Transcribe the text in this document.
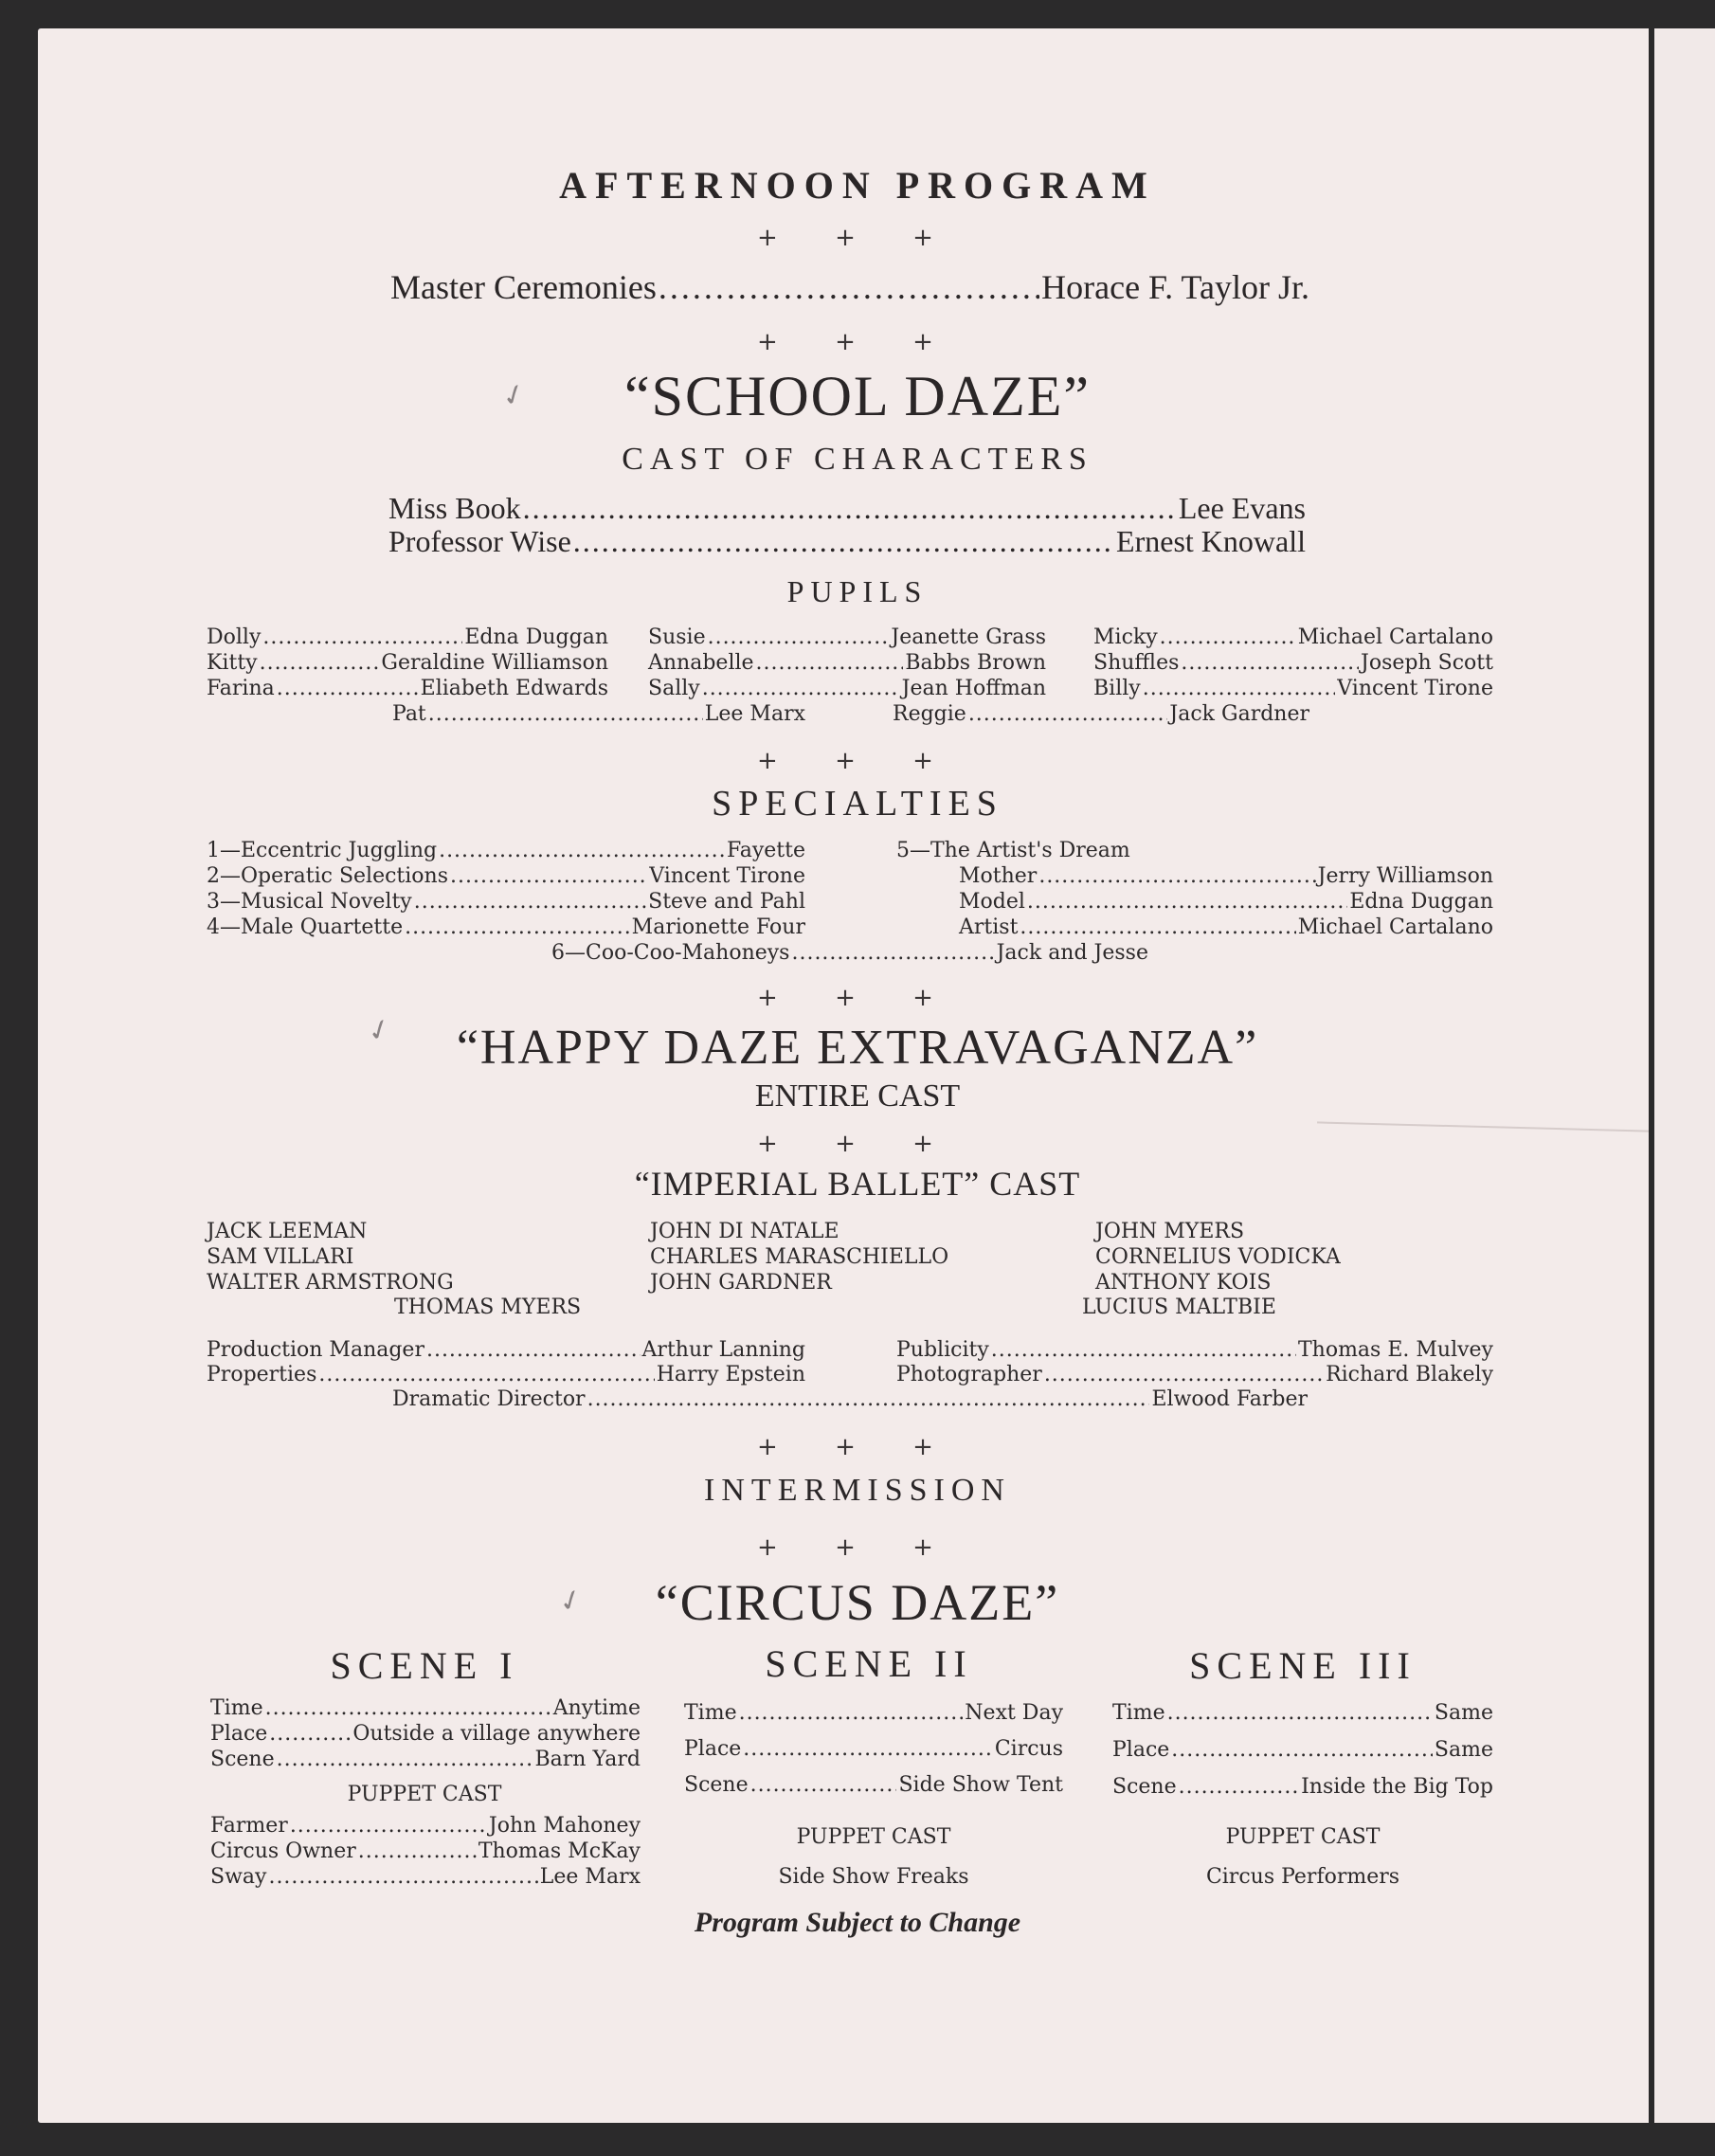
AFTERNOON PROGRAM
+ + +
Master Ceremonies . . .	Horace F. Taylor Jr.
+ + +
✓	“SCHOOL DAZE”
CAST OF CHARACTERS
Miss Book . . .	Lee Evans
Professor Wise . . .	Ernest Knowall
PUPILS
Dolly . . .	Edna Duggan
Kitty . . .	Geraldine Williamson
Farina . . .	Eliabeth Edwards
Susie . . .	Jeanette Grass
Annabelle . . .	Babbs Brown
Sally . . .	Jean Hoffman
Micky . . .	Michael Cartalano
Shuffles . . .	Joseph Scott
Billy . . .	Vincent Tirone
Pat . . .	Lee Marx	Reggie . . .	Jack Gardner
+ + +
SPECIALTIES
1—Eccentric Juggling . . .	Fayette
2—Operatic Selections . . .	Vincent Tirone
3—Musical Novelty . . .	Steve and Pahl
4—Male Quartette . . .	Marionette Four
5—The Artist's Dream
Mother . . .	Jerry Williamson
Model . . .	Edna Duggan
Artist . . .	Michael Cartalano
6—Coo-Coo-Mahoneys . . .	Jack and Jesse
+ + +
✓	“HAPPY DAZE EXTRAVAGANZA”
ENTIRE CAST
+ + +
“IMPERIAL BALLET” CAST
JACK LEEMAN
SAM VILLARI
WALTER ARMSTRONG
JOHN DI NATALE
CHARLES MARASCHIELLO
JOHN GARDNER
JOHN MYERS
CORNELIUS VODICKA
ANTHONY KOIS
THOMAS MYERS	LUCIUS MALTBIE
Production Manager . . .	Arthur Lanning
Properties . . .	Harry Epstein
Publicity . . .	Thomas E. Mulvey
Photographer . . .	Richard Blakely
Dramatic Director . . .	Elwood Farber
+ + +
INTERMISSION
+ + +
✓	“CIRCUS DAZE”
SCENE I
Time . . .	Anytime
Place . . .	Outside a village anywhere
Scene . . .	Barn Yard
PUPPET CAST
Farmer . . .	John Mahoney
Circus Owner . . .	Thomas McKay
Sway . . .	Lee Marx
SCENE II
Time . . .	Next Day
Place . . .	Circus
Scene . . .	Side Show Tent
PUPPET CAST
Side Show Freaks
SCENE III
Time . . .	Same
Place . . .	Same
Scene . . .	Inside the Big Top
PUPPET CAST
Circus Performers
Program Subject to Change
